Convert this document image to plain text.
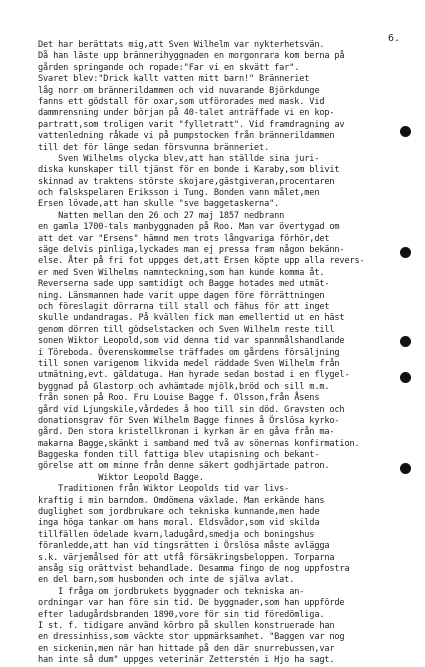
6.
Det har berättats mig,att Sven Wilhelm var nykterhetsvän.
Då han läste upp brännerihyggnaden en morgonrara kom berna på
gården springande och ropade:"Far vi en skvätt far".
Svaret blev:"Drick kallt vatten mitt barn!" Bränneriet
låg norr om brännerildammen och vid nuvarande Björkdunge
fanns ett gödstall för oxar,som utförorades med mask. Vid
dammrensning under början på 40-talet anträffade vi en kop-
partratt,som troligen varit "fylletratt". Vid framdragning av
vattenledning råkade vi på pumpstocken från brännerildammen
till det för länge sedan försvunna bränneriet.
Sven Wilhelms olycka blev,att han ställde sina juri-
diska kunskaper till tjänst för en bonde i Karaby,som blivit
skinnad av traktens störste skojare,gästgiveran,procentaren
och falskspelaren Eriksson i Tung. Bonden vann målet,men
Ersen lövade,att han skulle "sve baggetaskerna".
Natten mellan den 26 och 27 maj 1857 nedbrann
en gamla 1700-tals manbyggnaden på Roo. Man var övertygad om
att det var "Ersens" hämnd men trots långvariga förhör,det
säge delvis pinliga,lyckades man ej pressa fram någon bekänn-
else. Åter på fri fot uppges det,att Ersen köpte upp alla revers-
er med Sven Wilhelms namnteckning,som han kunde komma åt.
Reverserna sade upp samtidigt och Bagge hotades med utmät-
ning. Länsmannen hade varit uppe dagen före förrättningen
och föreslagit dörrarna till stall och fähus för att inget
skulle undandragas. På kvällen fick man emellertid ut en häst
genom dörren till gödselstacken och Sven Wilhelm reste till
sonen Wiktor Leopold,som vid denna tid var spannmålshandlande
i Töreboda. Överenskommelse träffades om gårdens försäljning
till sonen varigenom likvida medel räddade Sven Wilhelm från
utmätning,evt. gäldatuga. Han hyrade sedan bostad i en flygel-
byggnad på Glastorp och avhämtade mjölk,bröd och sill m.m.
från sonen på Roo. Fru Louise Bagge f. Olsson,från Åsens
gård vid Ljungskile,vårdedes å hoo till sin död. Gravsten och
donationsgrav för Sven Wilhelm Bagge finnes å Örslösa kyrko-
gård. Den stora kristellkronan i kyrkan är en gåva från ma-
makarna Bagge,skänkt i samband med två av sönernas konfirmation.
Baggeska fonden till fattiga blev utapisning och bekant-
görelse att om minne från denne säkert godhjärtade patron.
Wiktor Leopold Bagge.
Traditionen från Wiktor Leopolds tid var livs-
kraftig i min barndom. Omdömena växlade. Man erkände hans
duglighet som jordbrukare och tekniska kunnande,men hade
inga höga tankar om hans moral. Eldsvådor,som vid skilda
tillfällen ödelade kvarn,ladugård,smedja och boningshus
föranledde,att han vid tingsrätten i Örslösa måste avlägga
s.k. värjemålsed för att utfå försäkringsbeloppen. Torparna
ansåg sig orättvist behandlade. Desamma fingo de nog uppfostra
en del barn,som husbonden och inte de själva avlat.
I fråga om jordbrukets byggnader och tekniska an-
ordningar var han före sin tid. De byggnader,som han uppförde
efter ladugårdsbranden 1890,vore för sin tid föredömliga.
I st. f. tidigare använd körbro på skullen konstruerade han
en dressinhiss,som väckte stor uppmärksamhet. "Baggen var nog
en sickenin,men när han hittade på den där snurrebussen,var
han inte så dum" uppges veterinär Zetterstén i Hjo ha sagt.
